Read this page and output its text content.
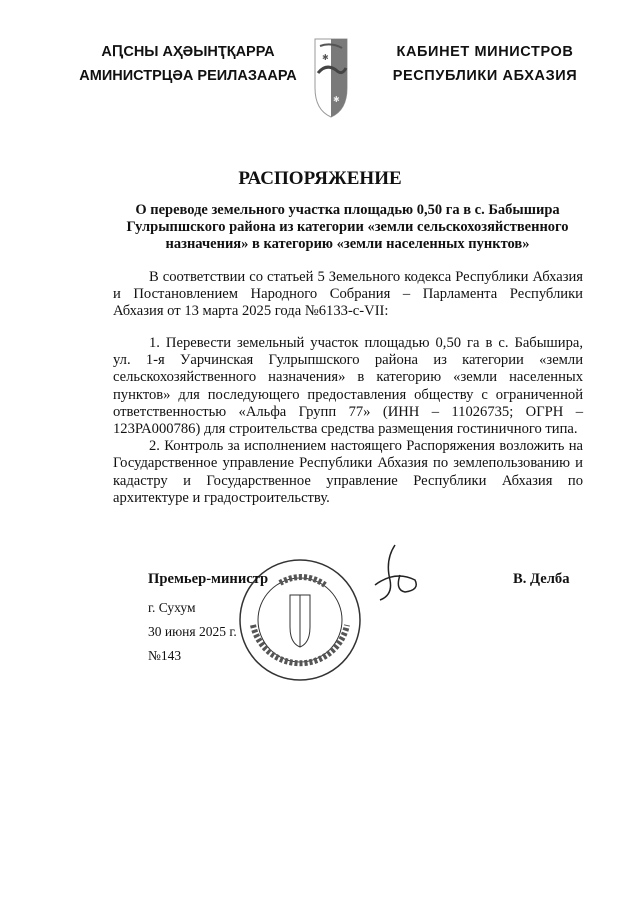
АԤСНЫ АҲӘЫНҬҚАРРА
АМИНИСТРЦӘА РЕИЛАЗААРА
✱
✱
КАБИНЕТ МИНИСТРОВ
РЕСПУБЛИКИ АБХАЗИЯ
РАСПОРЯЖЕНИЕ
О переводе земельного участка площадью 0,50 га в с. Бабышира Гулрыпшского района из категории «земли сельскохозяйственного назначения» в категорию «земли населенных пунктов»

В соответствии со статьей 5 Земельного кодекса Республики Абхазия и Постановлением Народного Собрания – Парламента Республики Абхазия от 13 марта 2025 года №6133-с-VII:

1. Перевести земельный участок площадью 0,50 га в с. Бабышира, ул. 1-я Уарчинская Гулрыпшского района из категории «земли сельскохозяйственного назначения» в категорию «земли населенных пунктов» для последующего предоставления обществу с ограниченной ответственностью «Альфа Групп 77» (ИНН – 11026735; ОГРН – 123РА000786) для строительства средства размещения гостиничного типа.

2. Контроль за исполнением настоящего Распоряжения возложить на Государственное управление Республики Абхазия по землепользованию и кадастру и Государственное управление Республики Абхазия по архитектуре и градостроительству.

Премьер-министр	В. Делба
г. Сухум
30 июня 2025 г.
№143
